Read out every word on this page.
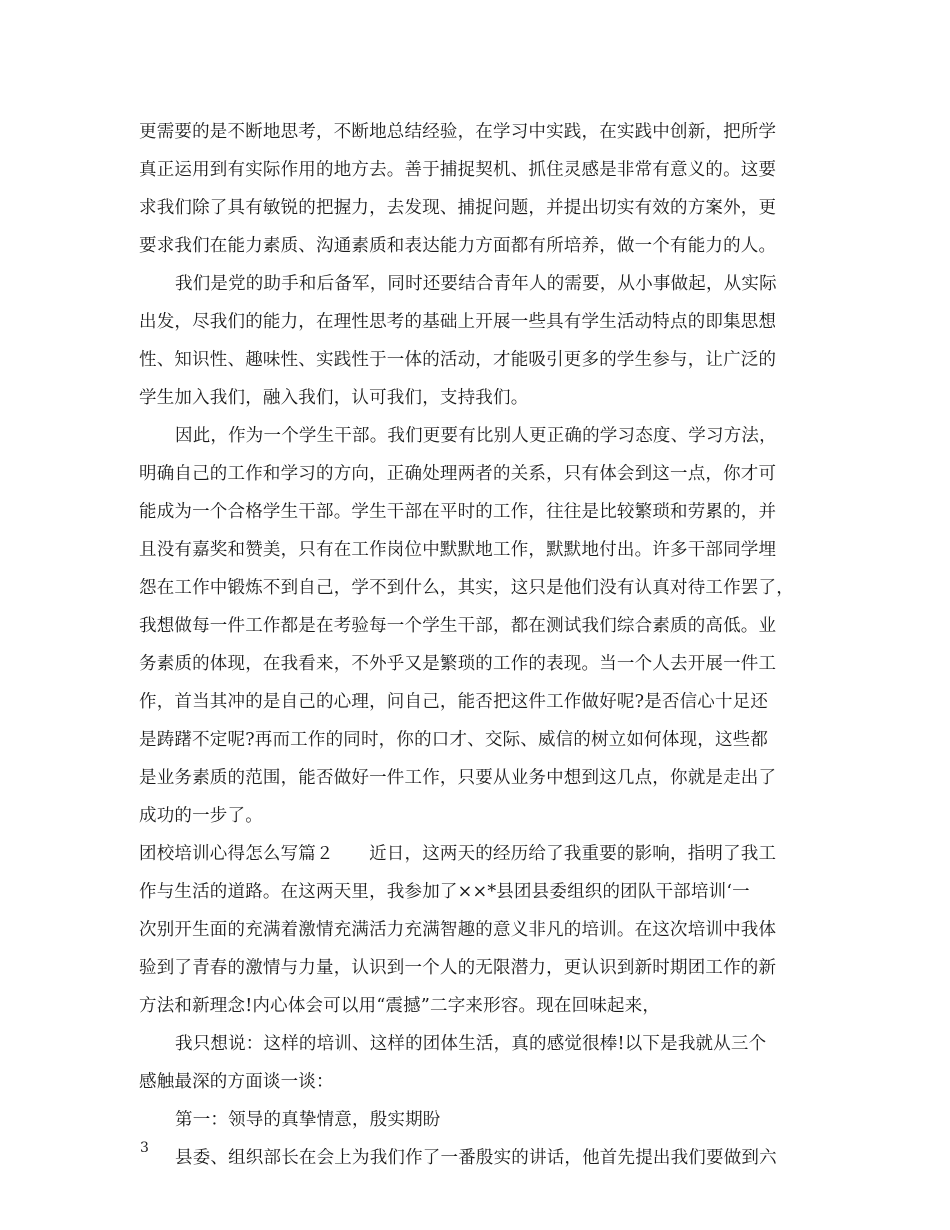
更需要的是不断地思考，不断地总结经验，在学习中实践，在实践中创新，把所学
真正运用到有实际作用的地方去。善于捕捉契机、抓住灵感是非常有意义的。这要
求我们除了具有敏锐的把握力，去发现、捕捉问题，并提出切实有效的方案外，更
要求我们在能力素质、沟通素质和表达能力方面都有所培养，做一个有能力的人。
我们是党的助手和后备军，同时还要结合青年人的需要，从小事做起，从实际
出发，尽我们的能力，在理性思考的基础上开展一些具有学生活动特点的即集思想
性、知识性、趣味性、实践性于一体的活动，才能吸引更多的学生参与，让广泛的
学生加入我们，融入我们，认可我们，支持我们。
因此，作为一个学生干部。我们更要有比别人更正确的学习态度、学习方法，
明确自己的工作和学习的方向，正确处理两者的关系，只有体会到这一点，你才可
能成为一个合格学生干部。学生干部在平时的工作，往往是比较繁琐和劳累的，并
且没有嘉奖和赞美，只有在工作岗位中默默地工作，默默地付出。许多干部同学埋
怨在工作中锻炼不到自己，学不到什么，其实，这只是他们没有认真对待工作罢了，
我想做每一件工作都是在考验每一个学生干部，都在测试我们综合素质的高低。业
务素质的体现，在我看来，不外乎又是繁琐的工作的表现。当一个人去开展一件工
作，首当其冲的是自己的心理，问自己，能否把这件工作做好呢?是否信心十足还
是踌躇不定呢?再而工作的同时，你的口才、交际、威信的树立如何体现，这些都
是业务素质的范围，能否做好一件工作，只要从业务中想到这几点，你就是走出了
成功的一步了。
团校培训心得怎么写篇２　　近日，这两天的经历给了我重要的影响，指明了我工
作与生活的道路。在这两天里，我参加了××*县团县委组织的团队干部培训‘一
次别开生面的充满着激情充满活力充满智趣的意义非凡的培训。在这次培训中我体
验到了青春的激情与力量，认识到一个人的无限潜力，更认识到新时期团工作的新
方法和新理念!内心体会可以用“震撼”二字来形容。现在回味起来，
我只想说：这样的培训、这样的团体生活，真的感觉很棒!以下是我就从三个
感触最深的方面谈一谈：
第一：领导的真挚情意，殷实期盼
县委、组织部长在会上为我们作了一番殷实的讲话，他首先提出我们要做到六
3
